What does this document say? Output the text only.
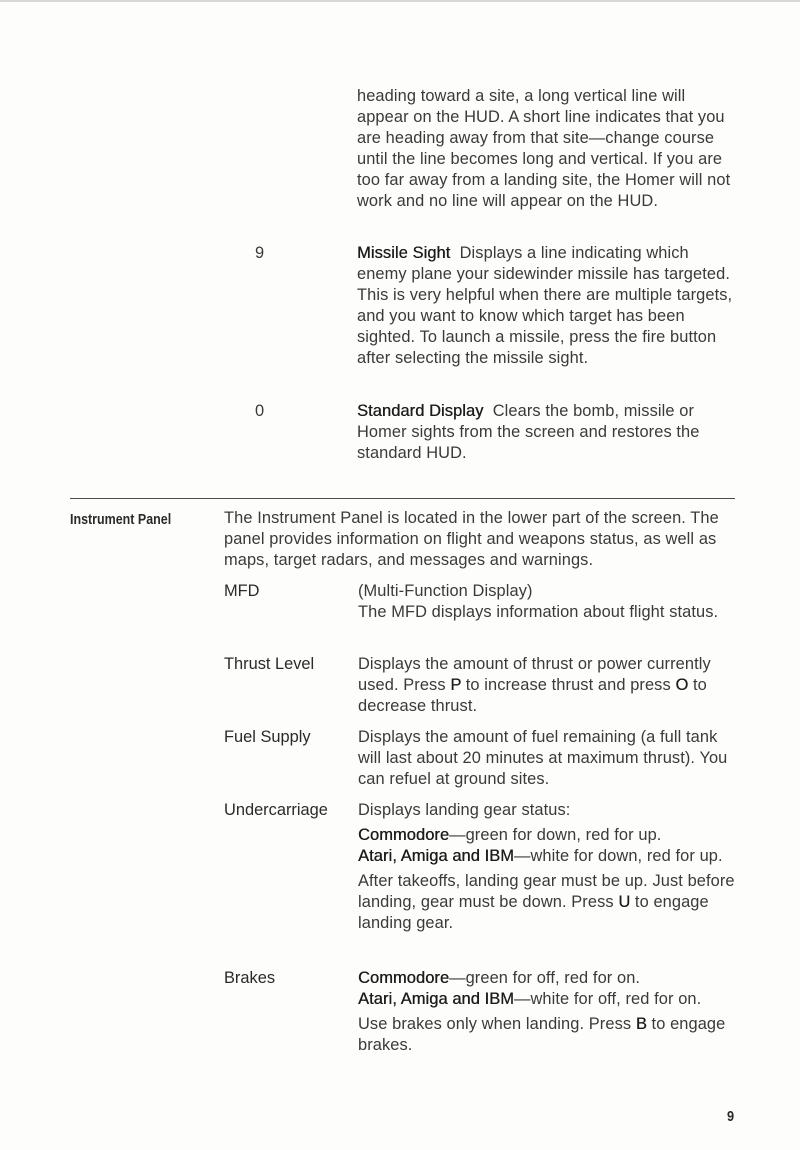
heading toward a site, a long vertical line will appear on the HUD. A short line indicates that you are heading away from that site—change course until the line becomes long and vertical. If you are too far away from a landing site, the Homer will not work and no line will appear on the HUD.

9	Missile Sight Displays a line indicating which enemy plane your sidewinder missile has targeted. This is very helpful when there are multiple targets, and you want to know which target has been sighted. To launch a missile, press the fire button after selecting the missile sight.

0	Standard Display Clears the bomb, missile or Homer sights from the screen and restores the standard HUD.

Instrument Panel	The Instrument Panel is located in the lower part of the screen. The panel provides information on flight and weapons status, as well as maps, target radars, and messages and warnings.

MFD	(Multi-Function Display)
The MFD displays information about flight status.
Thrust Level	Displays the amount of thrust or power currently used. Press P to increase thrust and press O to decrease thrust.

Fuel Supply	Displays the amount of fuel remaining (a full tank will last about 20 minutes at maximum thrust). You can refuel at ground sites.

Undercarriage	Displays landing gear status:

Commodore—green for down, red for up.
Atari, Amiga and IBM—white for down, red for up.

After takeoffs, landing gear must be up. Just before landing, gear must be down. Press U to engage landing gear.

Brakes	Commodore—green for off, red for on.
Atari, Amiga and IBM—white for off, red for on.

Use brakes only when landing. Press B to engage brakes.

9
